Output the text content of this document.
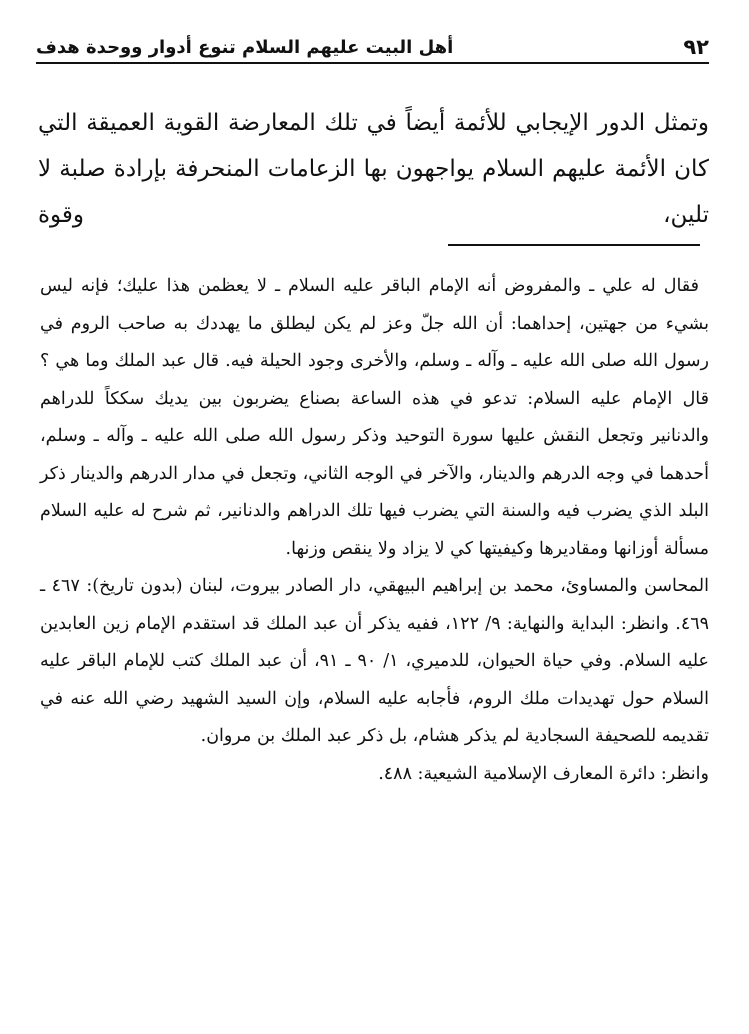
٩٢
أهل البيت عليهم السلام تنوع أدوار ووحدة هدف

وتمثل الدور الإيجابي للأئمة أيضاً في تلك المعارضة القوية العميقة التي كان الأئمة عليهم السلام يواجهون بها الزعامات المنحرفة بإرادة صلبة لا تلين، وقوة

فقال له علي ـ والمفروض أنه الإمام الباقر عليه السلام ـ لا يعظمن هذا عليك؛ فإنه ليس بشيء من جهتين، إحداهما: أن الله جلّ وعز لم يكن ليطلق ما يهددك به صاحب الروم في رسول الله صلى الله عليه ـ وآله ـ وسلم، والأخرى وجود الحيلة فيه. قال عبد الملك وما هي ؟ قال الإمام عليه السلام: تدعو في هذه الساعة بصناع يضربون بين يديك سككاً للدراهم والدنانير وتجعل النقش عليها سورة التوحيد وذكر رسول الله صلى الله عليه ـ وآله ـ وسلم، أحدهما في وجه الدرهم والدينار، والآخر في الوجه الثاني، وتجعل في مدار الدرهم والدينار ذكر البلد الذي يضرب فيه والسنة التي يضرب فيها تلك الدراهم والدنانير، ثم شرح له عليه السلام مسألة أوزانها ومقاديرها وكيفيتها كي لا يزاد ولا ينقص وزنها.

المحاسن والمساوئ، محمد بن إبراهيم البيهقي، دار الصادر بيروت، لبنان (بدون تاريخ): ٤٦٧ ـ ٤٦٩. وانظر: البداية والنهاية: ٩/ ١٢٢، ففيه يذكر أن عبد الملك قد استقدم الإمام زين العابدين عليه السلام. وفي حياة الحيوان، للدميري، ١/ ٩٠ ـ ٩١، أن عبد الملك كتب للإمام الباقر عليه السلام حول تهديدات ملك الروم، فأجابه عليه السلام، وإن السيد الشهيد رضي الله عنه في تقديمه للصحيفة السجادية لم يذكر هشام، بل ذكر عبد الملك بن مروان.

وانظر: دائرة المعارف الإسلامية الشيعية: ٤٨٨.
